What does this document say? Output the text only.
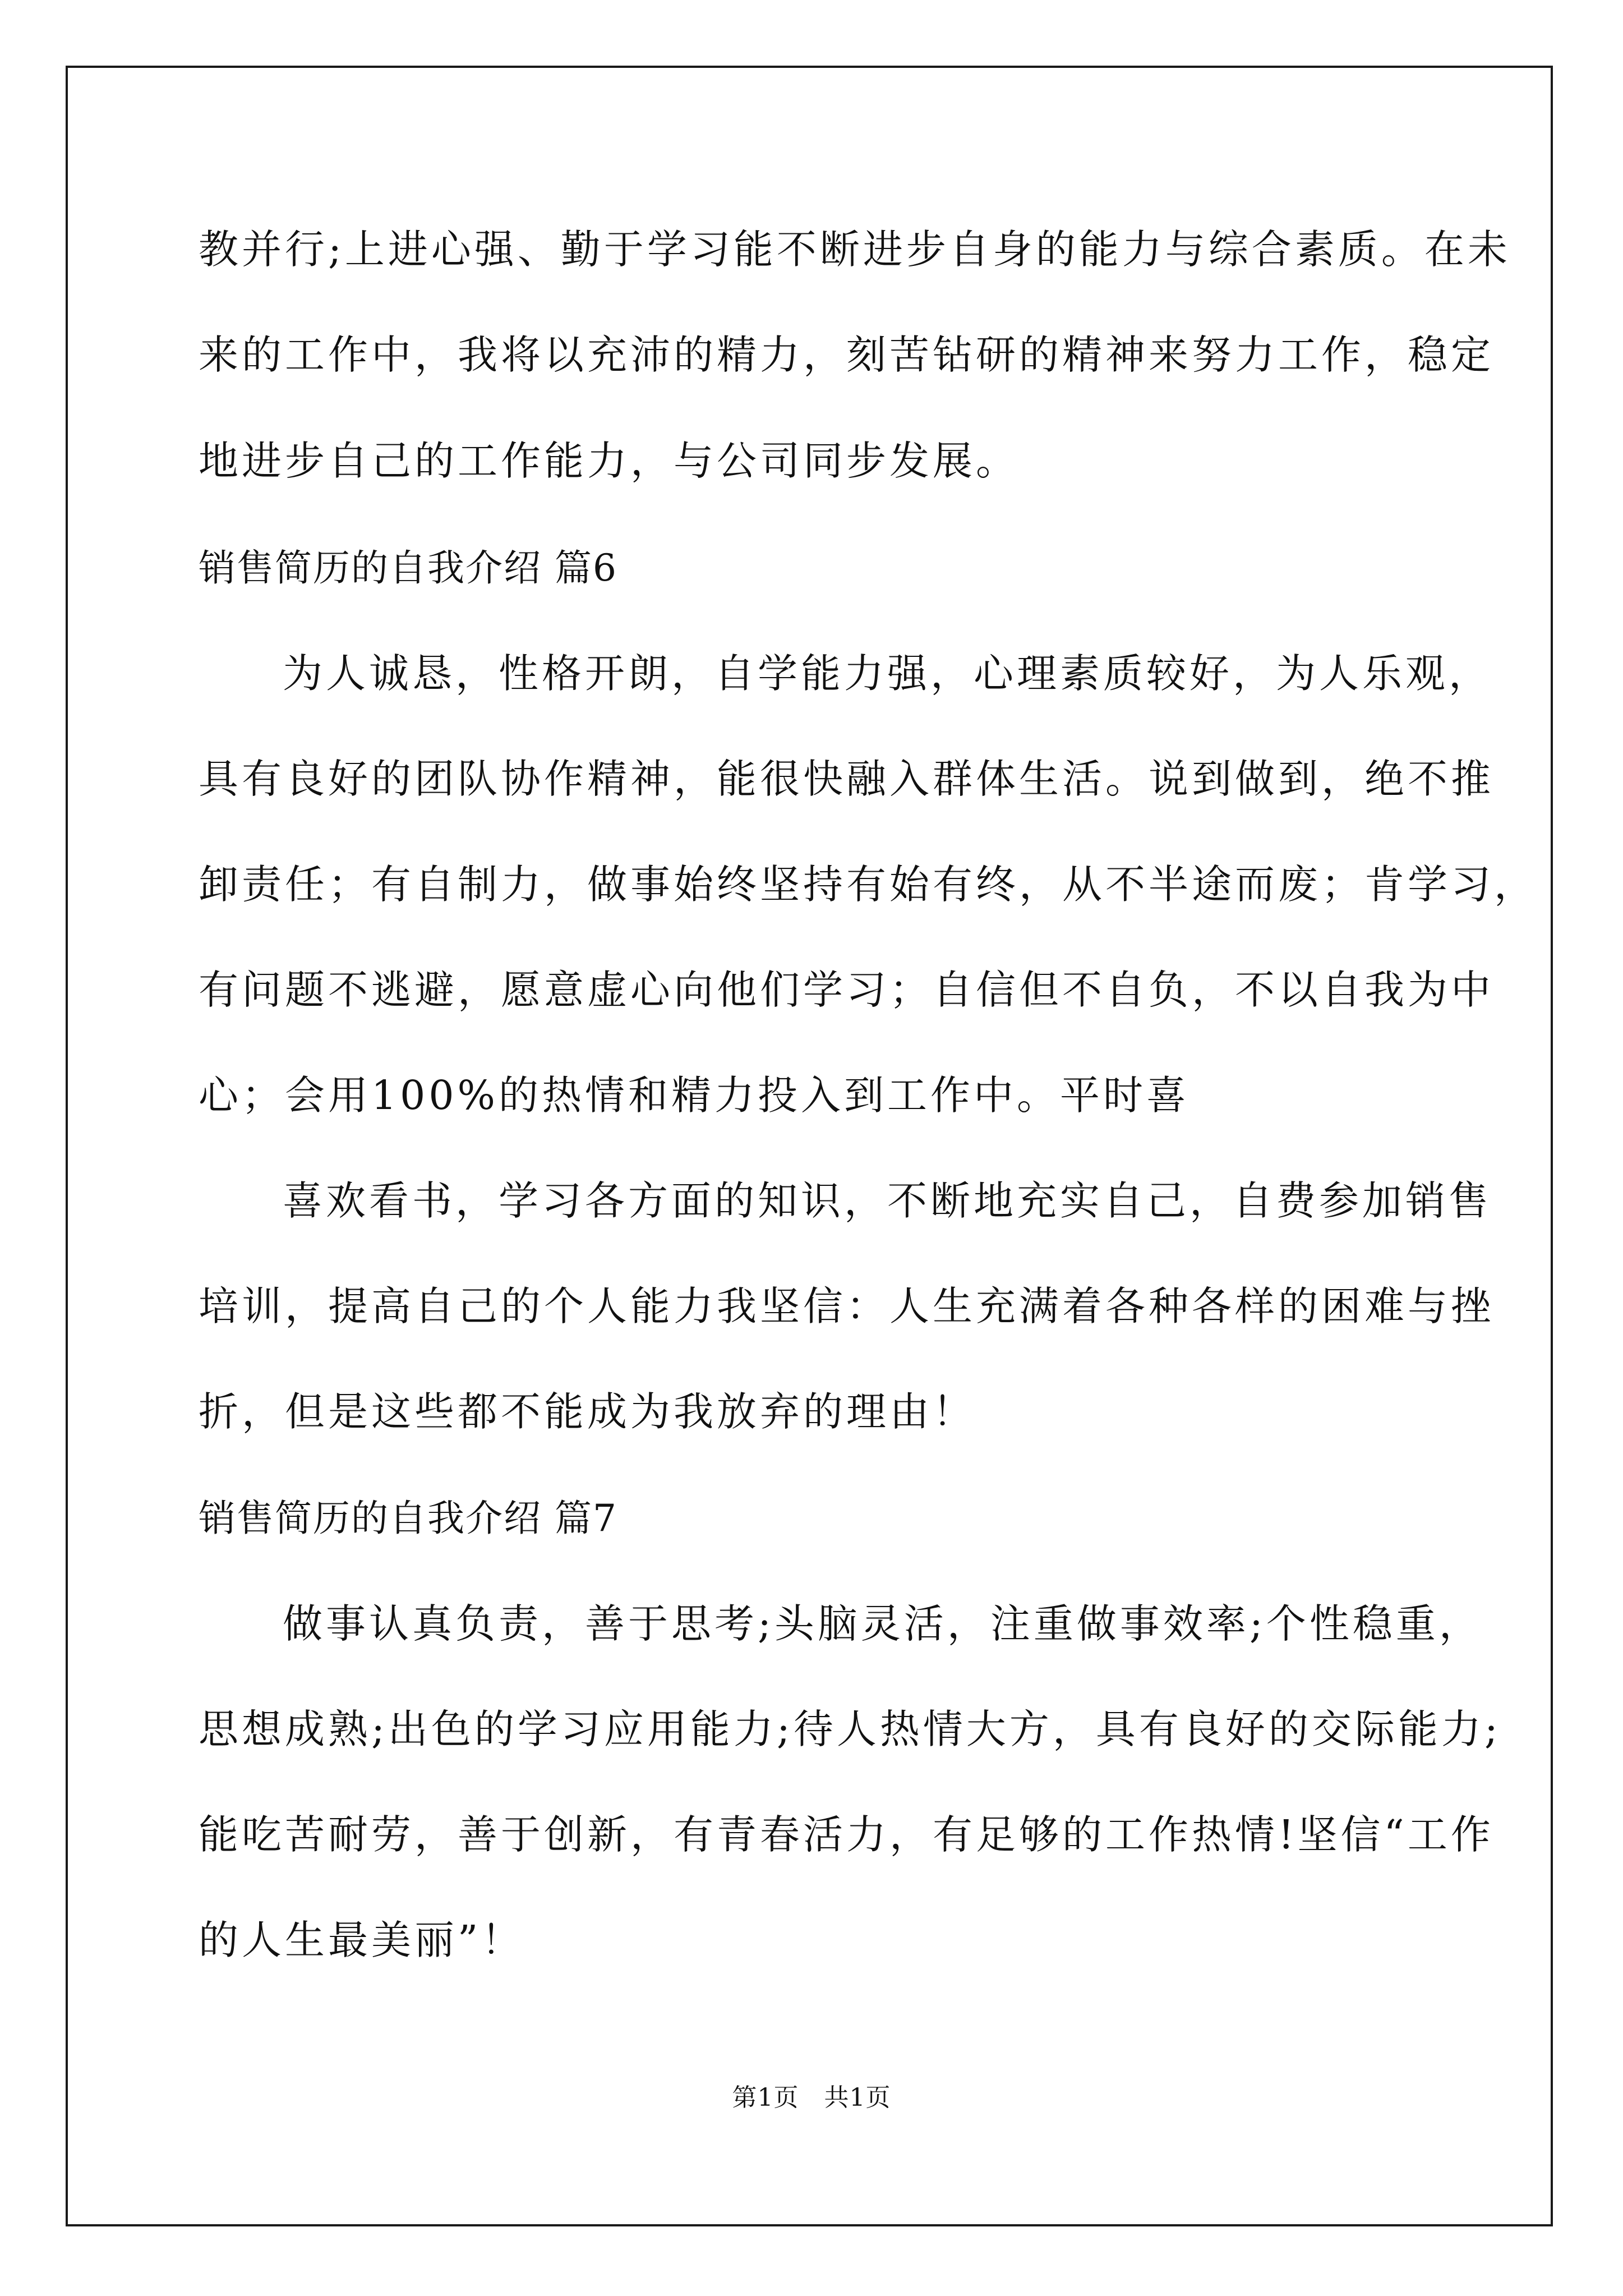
教并行;上进心强、勤于学习能不断进步自身的能力与综合素质。在未
来的工作中，我将以充沛的精力，刻苦钻研的精神来努力工作，稳定
地进步自己的工作能力，与公司同步发展。
销售简历的自我介绍 篇6
为人诚恳，性格开朗，自学能力强，心理素质较好，为人乐观，
具有良好的团队协作精神，能很快融入群体生活。说到做到，绝不推
卸责任；有自制力，做事始终坚持有始有终，从不半途而废；肯学习，
有问题不逃避，愿意虚心向他们学习；自信但不自负，不以自我为中
心；会用100%的热情和精力投入到工作中。平时喜
喜欢看书，学习各方面的知识，不断地充实自己，自费参加销售
培训，提高自己的个人能力我坚信：人生充满着各种各样的困难与挫
折，但是这些都不能成为我放弃的理由！
销售简历的自我介绍 篇7
做事认真负责，善于思考;头脑灵活，注重做事效率;个性稳重，
思想成熟;出色的学习应用能力;待人热情大方，具有良好的交际能力;
能吃苦耐劳，善于创新，有青春活力，有足够的工作热情!坚信“工作
的人生最美丽”！
第1页　共1页
